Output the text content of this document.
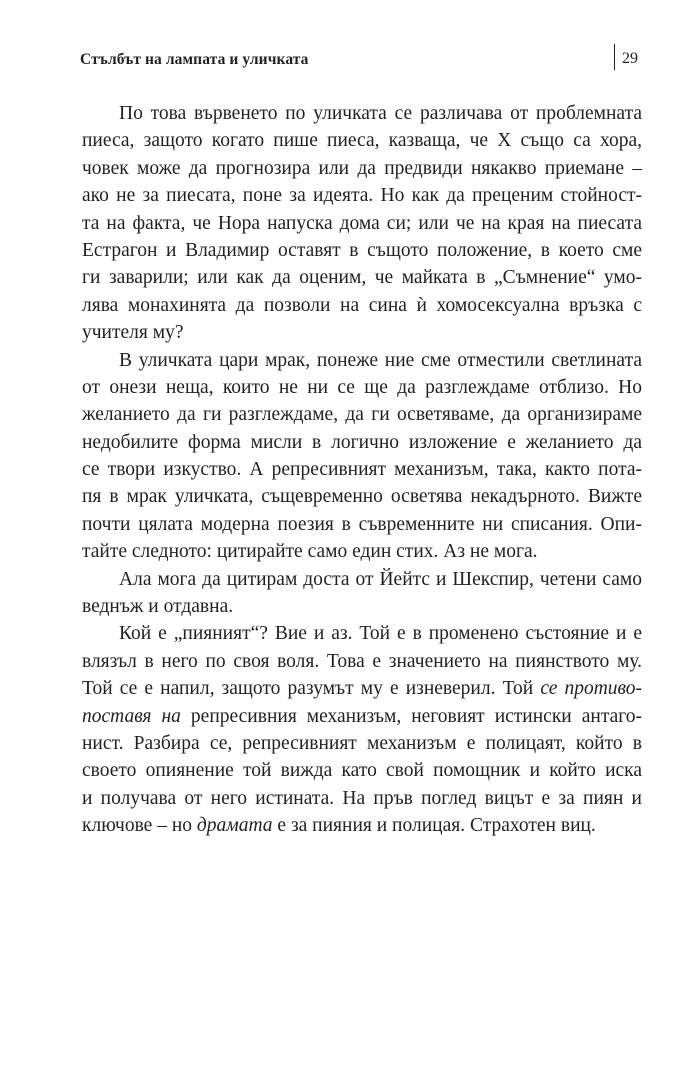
Стълбът на лампата и уличката	29
По това вървенето по уличката се различава от проблемната
пиеса, защото когато пише пиеса, казваща, че X също са хора,
човек може да прогнозира или да предвиди някакво приемане –
ако не за пиесата, поне за идеята. Но как да преценим стойност-
та на факта, че Нора напуска дома си; или че на края на пиесата
Естрагон и Владимир оставят в същото положение, в което сме
ги заварили; или как да оценим, че майката в „Съмнение“ умо-
лява монахинята да позволи на сина ѝ хомосексуална връзка с
учителя му?
В уличката цари мрак, понеже ние сме отместили светлината
от онези неща, които не ни се ще да разглеждаме отблизо. Но
желанието да ги разглеждаме, да ги осветяваме, да организираме
недобилите форма мисли в логично изложение е желанието да
се твори изкуство. А репресивният механизъм, така, както пота-
пя в мрак уличката, същевременно осветява некадърното. Вижте
почти цялата модерна поезия в съвременните ни списания. Опи-
тайте следното: цитирайте само един стих. Аз не мога.
Ала мога да цитирам доста от Йейтс и Шекспир, четени само
веднъж и отдавна.
Кой е „пияният“? Вие и аз. Той е в променено състояние и е
влязъл в него по своя воля. Това е значението на пиянството му.
Той се е напил, защото разумът му е изневерил. Той се противо-
поставя на репресивния механизъм, неговият истински антаго-
нист. Разбира се, репресивният механизъм е полицаят, който в
своето опиянение той вижда като свой помощник и който иска
и получава от него истината. На пръв поглед вицът е за пиян и
ключове – но драмата е за пияния и полицая. Страхотен виц.
